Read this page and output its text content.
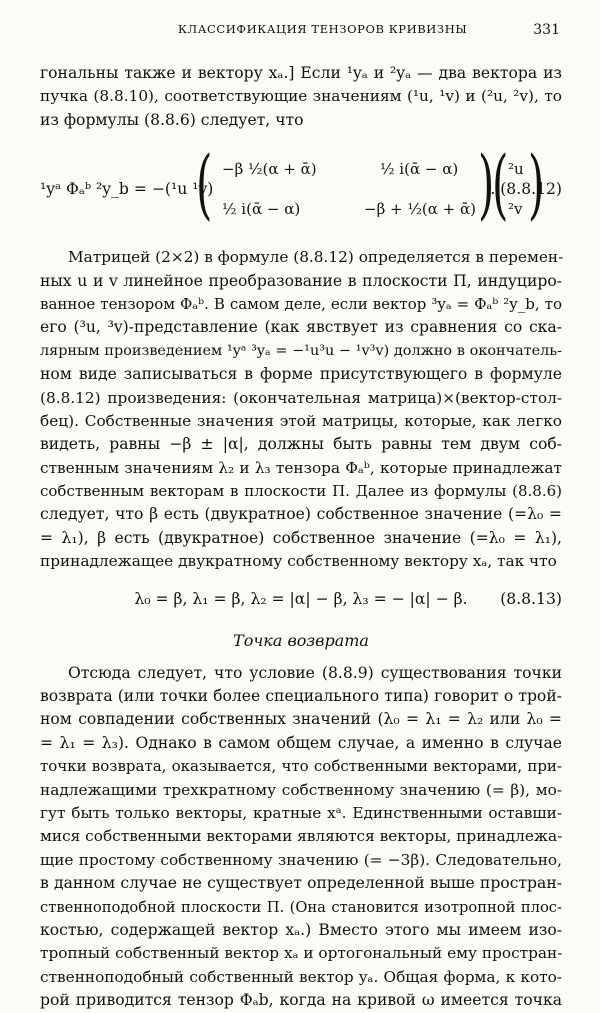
КЛАССИФИКАЦИЯ ТЕНЗОРОВ КРИВИЗНЫ	331
гональны также и вектору xₐ.] Если ¹yₐ и ²yₐ — два вектора из
пучка (8.8.10), соответствующие значениям (¹u, ¹v) и (²u, ²v), то
из формулы (8.8.6) следует, что
¹yᵃ Φₐᵇ ²y_b = −(¹u ¹v)
( −β ½(α + ᾱ)	½ i(ᾱ − α)
½ i(ᾱ − α)	−β + ½(α + ᾱ) )
( ²u
²v )
. (8.8.12)
Матрицей (2×2) в формуле (8.8.12) определяется в перемен-
ных u и v линейное преобразование в плоскости П, индуциро-
ванное тензором Φₐᵇ. В самом деле, если вектор ³yₐ = Φₐᵇ ²y_b, то
его (³u, ³v)-представление (как явствует из сравнения со ска-
лярным произведением ¹yᵃ ³yₐ = −¹u³u − ¹v³v) должно в окончатель-
ном виде записываться в форме присутствующего в формуле
(8.8.12) произведения: (окончательная матрица)×(вектор-стол-
бец). Собственные значения этой матрицы, которые, как легко
видеть, равны −β ± |α|, должны быть равны тем двум соб-
ственным значениям λ₂ и λ₃ тензора Φₐᵇ, которые принадлежат
собственным векторам в плоскости П. Далее из формулы (8.8.6)
следует, что β есть (двукратное) собственное значение (=λ₀ =
= λ₁), β есть (двукратное) собственное значение (=λ₀ = λ₁),
принадлежащее двукратному собственному вектору xₐ, так что
λ₀ = β, λ₁ = β, λ₂ = |α| − β, λ₃ = − |α| − β. (8.8.13)
Точка возврата
Отсюда следует, что условие (8.8.9) существования точки
возврата (или точки более специального типа) говорит о трой-
ном совпадении собственных значений (λ₀ = λ₁ = λ₂ или λ₀ =
= λ₁ = λ₃). Однако в самом общем случае, а именно в случае
точки возврата, оказывается, что собственными векторами, при-
надлежащими трехкратному собственному значению (= β), мо-
гут быть только векторы, кратные xᵃ. Единственными оставши-
мися собственными векторами являются векторы, принадлежа-
щие простому собственному значению (= −3β). Следовательно,
в данном случае не существует определенной выше простран-
ственноподобной плоскости П. (Она становится изотропной плос-
костью, содержащей вектор xₐ.) Вместо этого мы имеем изо-
тропный собственный вектор xₐ и ортогональный ему простран-
ственноподобный собственный вектор yₐ. Общая форма, к кото-
рой приводится тензор Φₐb, когда на кривой ω имеется точка
